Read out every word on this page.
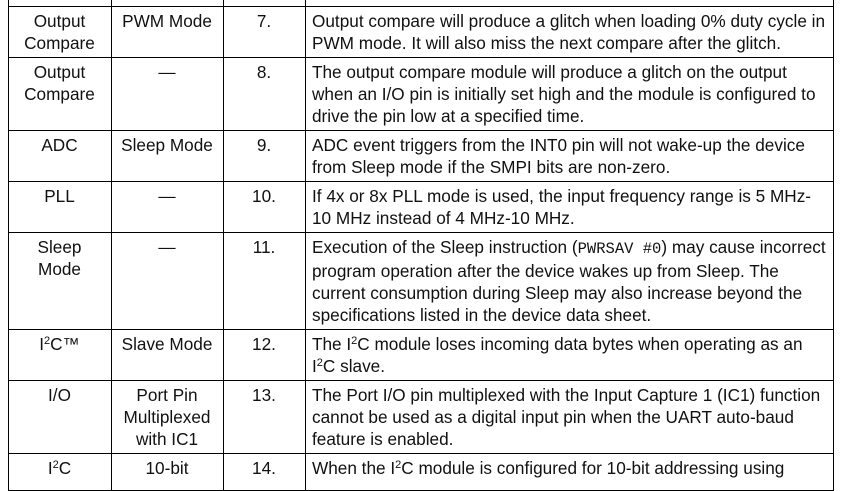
Output Compare	PWM Mode	7.	Output compare will produce a glitch when loading 0% duty cycle in PWM mode. It will also miss the next compare after the glitch.
Output Compare	—	8.	The output compare module will produce a glitch on the output when an I/O pin is initially set high and the module is configured to drive the pin low at a specified time.
ADC	Sleep Mode	9.	ADC event triggers from the INT0 pin will not wake-up the device from Sleep mode if the SMPI bits are non-zero.
PLL	—	10.	If 4x or 8x PLL mode is used, the input frequency range is 5 MHz-10 MHz instead of 4 MHz-10 MHz.
Sleep Mode	—	11.	Execution of the Sleep instruction (PWRSAV #0) may cause incorrect program operation after the device wakes up from Sleep. The current consumption during Sleep may also increase beyond the specifications listed in the device data sheet.
$I^2C™$	Slave Mode	12.	The $I^2C$ module loses incoming data bytes when operating as an $I^2C$ slave.
I/O	Port Pin Multiplexed with IC1	13.	The Port I/O pin multiplexed with the Input Capture 1 (IC1) function cannot be used as a digital input pin when the UART auto-baud feature is enabled.
$I^2C$	10-bit	14.	When the $I^2C$ module is configured for 10-bit addressing using
